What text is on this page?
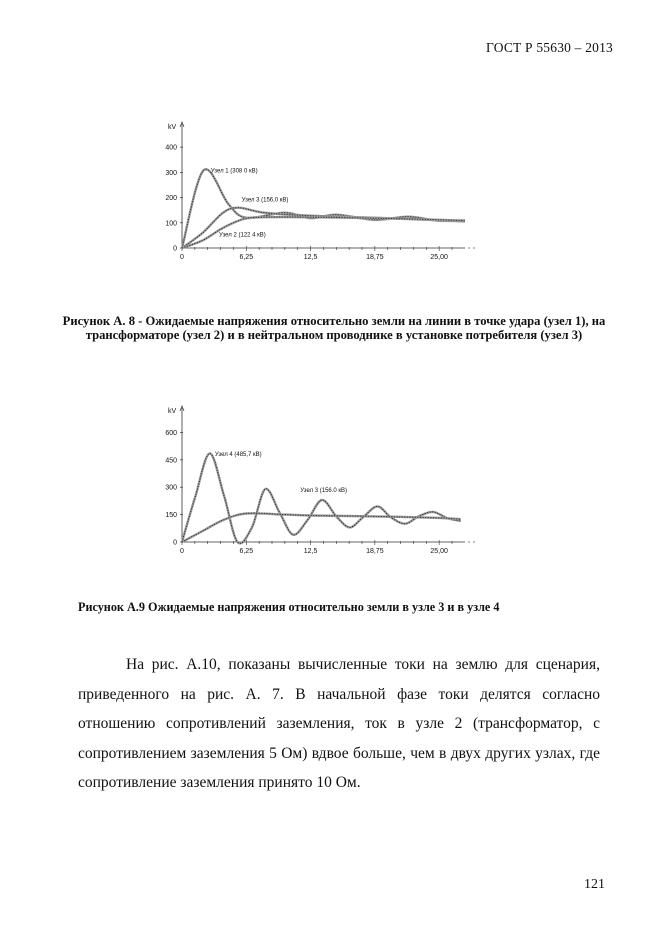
ГОСТ Р 55630 – 2013
kV
0
100
200
300
400
0	6,25	12,5	18,75	25,00
Узел 1 (308 0 кВ)
Узел 3 (156,0 кВ)
Узел 2 (122 4 кВ)
Рисунок А. 8 - Ожидаемые напряжения относительно земли на линии в точке удара (узел 1), на трансформаторе (узел 2) и в нейтральном проводнике в установке потребителя (узел 3)
kV
0
150
300
450
600
0	6,25	12,5	18,75	25,00
Узел 4 (485,7 кВ)
Узел 3 (156.0 кВ)
Рисунок А.9 Ожидаемые напряжения относительно земли в узле 3 и в узле 4
На рис. А.10, показаны вычисленные токи на землю для сценария, приведенного на рис. А. 7. В начальной фазе токи делятся согласно отношению сопротивлений заземления, ток в узле 2 (трансформатор, с сопротивлением заземления 5 Ом) вдвое больше, чем в двух других узлах, где сопротивление заземления принято 10 Ом.
121
